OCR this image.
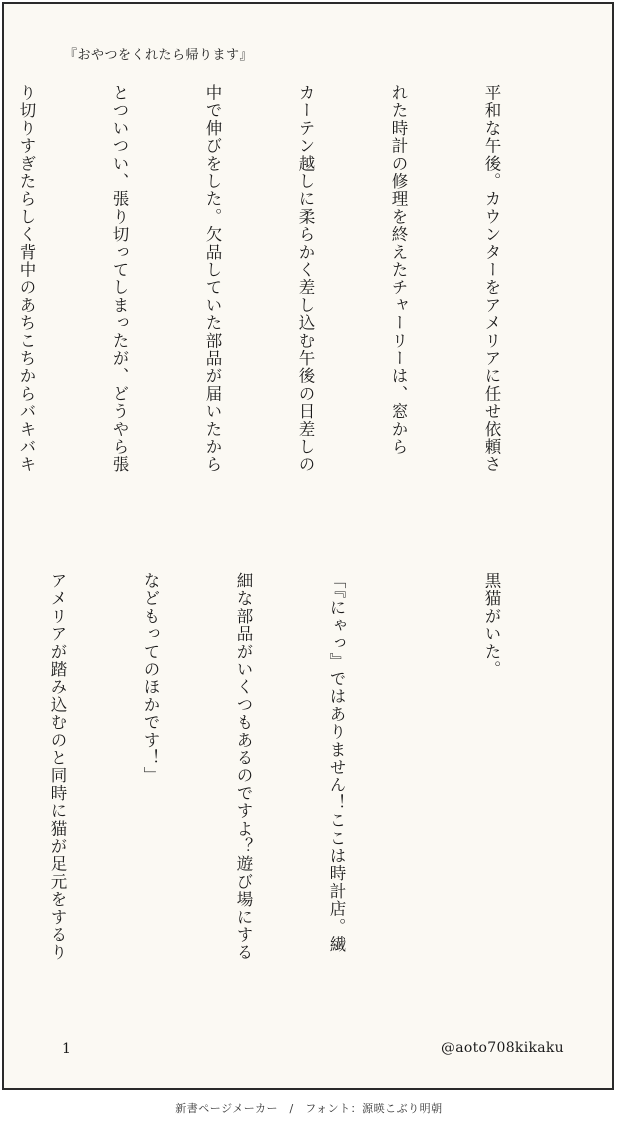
『おやつをくれたら帰ります』

平和な午後。カウンターをアメリアに任せ依頼さ

れた時計の修理を終えたチャーリーは、窓から

カーテン越しに柔らかく差し込む午後の日差しの

中で伸びをした。欠品していた部品が届いたから

とついつい、張り切ってしまったが、どうやら張

り切りすぎたらしく背中のあちこちからバキバキ

黒猫がいた。

「『にゃっ』ではありません！ここは時計店。繊

細な部品がいくつもあるのですよ？遊び場にする

などもってのほかです！」

アメリアが踏み込むのと同時に猫が足元をするり

1	@aoto708kikaku
新書ページメーカー　/　フォント：源暎こぶり明朝
